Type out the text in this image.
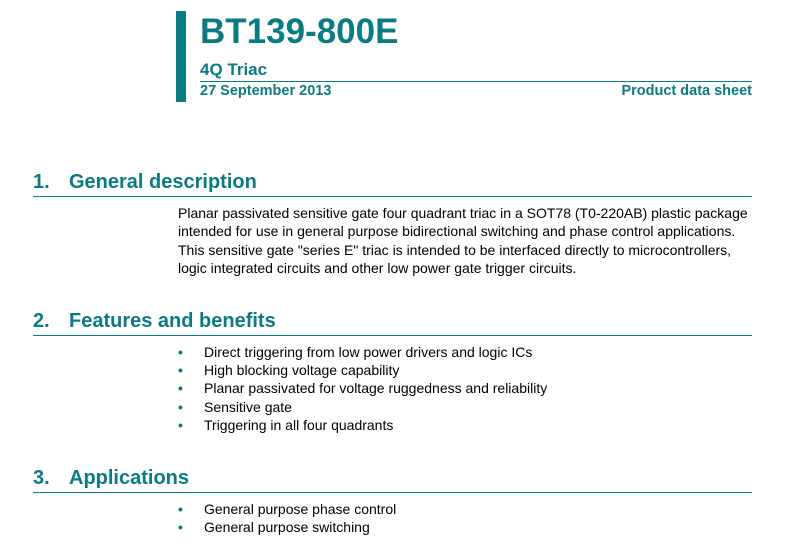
BT139-800E
4Q Triac
27 September 2013	Product data sheet
1. General description
Planar passivated sensitive gate four quadrant triac in a SOT78 (T0-220AB) plastic package intended for use in general purpose bidirectional switching and phase control applications. This sensitive gate "series E" triac is intended to be interfaced directly to microcontrollers, logic integrated circuits and other low power gate trigger circuits.
2. Features and benefits
•	Direct triggering from low power drivers and logic ICs
•	High blocking voltage capability
•	Planar passivated for voltage ruggedness and reliability
•	Sensitive gate
•	Triggering in all four quadrants
3. Applications
•	General purpose phase control
•	General purpose switching
